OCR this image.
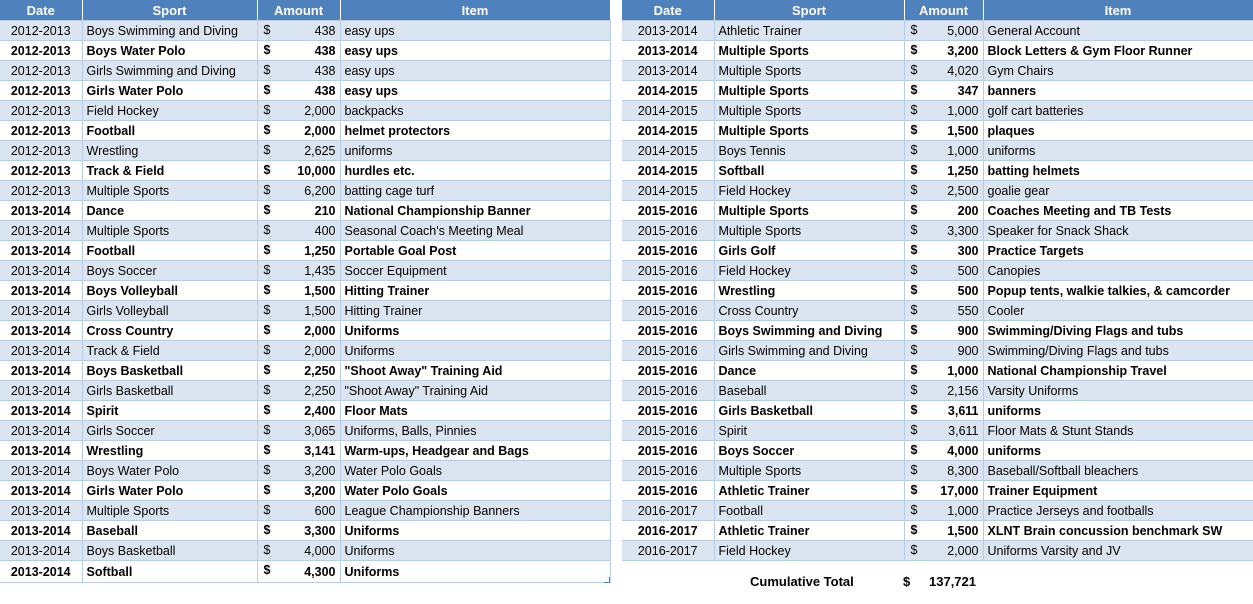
Date	Sport	Amount	Item
2012-2013	Boys Swimming and Diving	$ 438	easy ups
2012-2013	Boys Water Polo	$ 438	easy ups
2012-2013	Girls Swimming and Diving	$ 438	easy ups
2012-2013	Girls Water Polo	$ 438	easy ups
2012-2013	Field Hockey	$ 2,000	backpacks
2012-2013	Football	$ 2,000	helmet protectors
2012-2013	Wrestling	$ 2,625	uniforms
2012-2013	Track & Field	$ 10,000	hurdles etc.
2012-2013	Multiple Sports	$ 6,200	batting cage turf
2013-2014	Dance	$ 210	National Championship Banner
2013-2014	Multiple Sports	$ 400	Seasonal Coach's Meeting Meal
2013-2014	Football	$ 1,250	Portable Goal Post
2013-2014	Boys Soccer	$ 1,435	Soccer Equipment
2013-2014	Boys Volleyball	$ 1,500	Hitting Trainer
2013-2014	Girls Volleyball	$ 1,500	Hitting Trainer
2013-2014	Cross Country	$ 2,000	Uniforms
2013-2014	Track & Field	$ 2,000	Uniforms
2013-2014	Boys Basketball	$ 2,250	"Shoot Away" Training Aid
2013-2014	Girls Basketball	$ 2,250	"Shoot Away" Training Aid
2013-2014	Spirit	$ 2,400	Floor Mats
2013-2014	Girls Soccer	$ 3,065	Uniforms, Balls, Pinnies
2013-2014	Wrestling	$ 3,141	Warm-ups, Headgear and Bags
2013-2014	Boys Water Polo	$ 3,200	Water Polo Goals
2013-2014	Girls Water Polo	$ 3,200	Water Polo Goals
2013-2014	Multiple Sports	$ 600	League Championship Banners
2013-2014	Baseball	$ 3,300	Uniforms
2013-2014	Boys Basketball	$ 4,000	Uniforms
2013-2014	Softball	$ 4,300	Uniforms
Date	Sport	Amount	Item
2013-2014	Athletic Trainer	$ 5,000	General Account
2013-2014	Multiple Sports	$ 3,200	Block Letters & Gym Floor Runner
2013-2014	Multiple Sports	$ 4,020	Gym Chairs
2014-2015	Multiple Sports	$ 347	banners
2014-2015	Multiple Sports	$ 1,000	golf cart batteries
2014-2015	Multiple Sports	$ 1,500	plaques
2014-2015	Boys Tennis	$ 1,000	uniforms
2014-2015	Softball	$ 1,250	batting helmets
2014-2015	Field Hockey	$ 2,500	goalie gear
2015-2016	Multiple Sports	$ 200	Coaches Meeting and TB Tests
2015-2016	Multiple Sports	$ 3,300	Speaker for Snack Shack
2015-2016	Girls Golf	$ 300	Practice Targets
2015-2016	Field Hockey	$ 500	Canopies
2015-2016	Wrestling	$ 500	Popup tents, walkie talkies, & camcorder
2015-2016	Cross Country	$ 550	Cooler
2015-2016	Boys Swimming and Diving	$ 900	Swimming/Diving Flags and tubs
2015-2016	Girls Swimming and Diving	$ 900	Swimming/Diving Flags and tubs
2015-2016	Dance	$ 1,000	National Championship Travel
2015-2016	Baseball	$ 2,156	Varsity Uniforms
2015-2016	Girls Basketball	$ 3,611	uniforms
2015-2016	Spirit	$ 3,611	Floor Mats & Stunt Stands
2015-2016	Boys Soccer	$ 4,000	uniforms
2015-2016	Multiple Sports	$ 8,300	Baseball/Softball bleachers
2015-2016	Athletic Trainer	$ 17,000	Trainer Equipment
2016-2017	Football	$ 1,000	Practice Jerseys and footballs
2016-2017	Athletic Trainer	$ 1,500	XLNT Brain concussion benchmark SW
2016-2017	Field Hockey	$ 2,000	Uniforms Varsity and JV
Cumulative Total	$ 137,721
